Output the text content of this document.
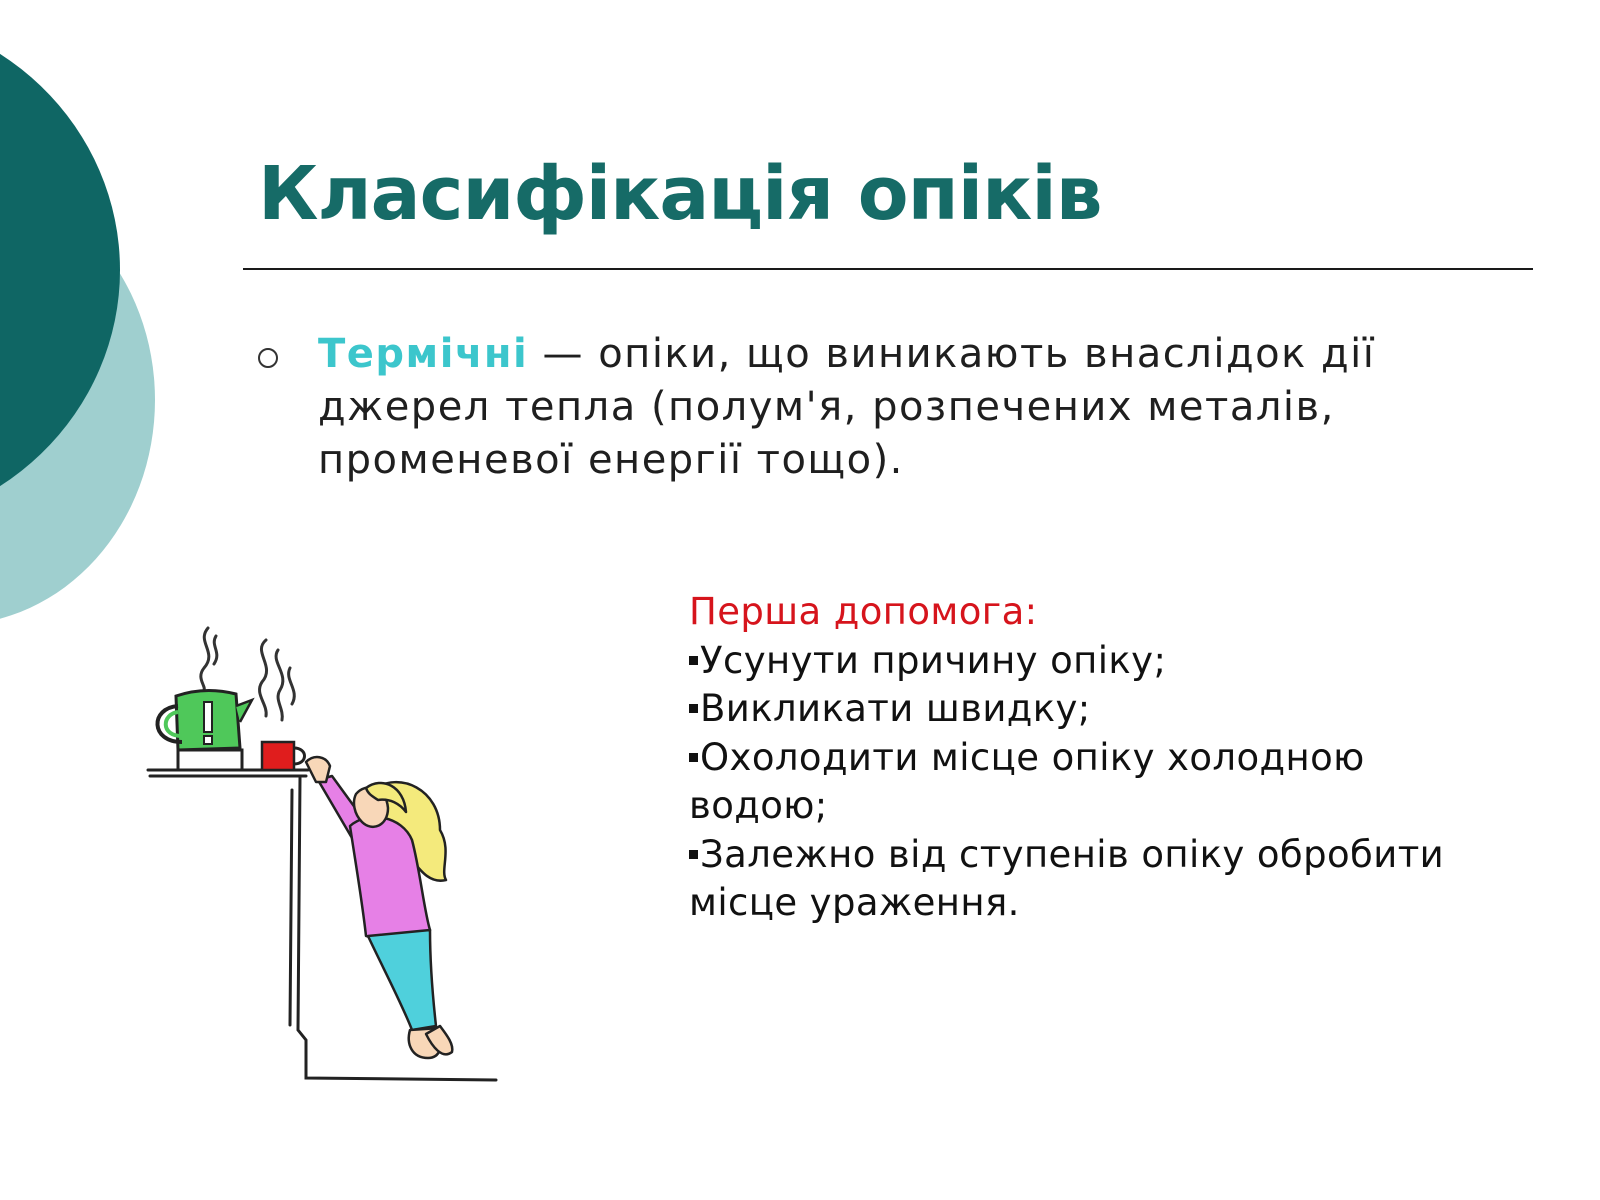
Класифікація опіків

Термічні — опіки, що виникають внаслідок дії джерел тепла (полум'я, розпечених металів, променевої енергії тощо).

Перша допомога:
Усунути причину опіку;
Викликати швидку;
Охолодити місце опіку холодною водою;
Залежно від ступенів опіку обробити місце ураження.
